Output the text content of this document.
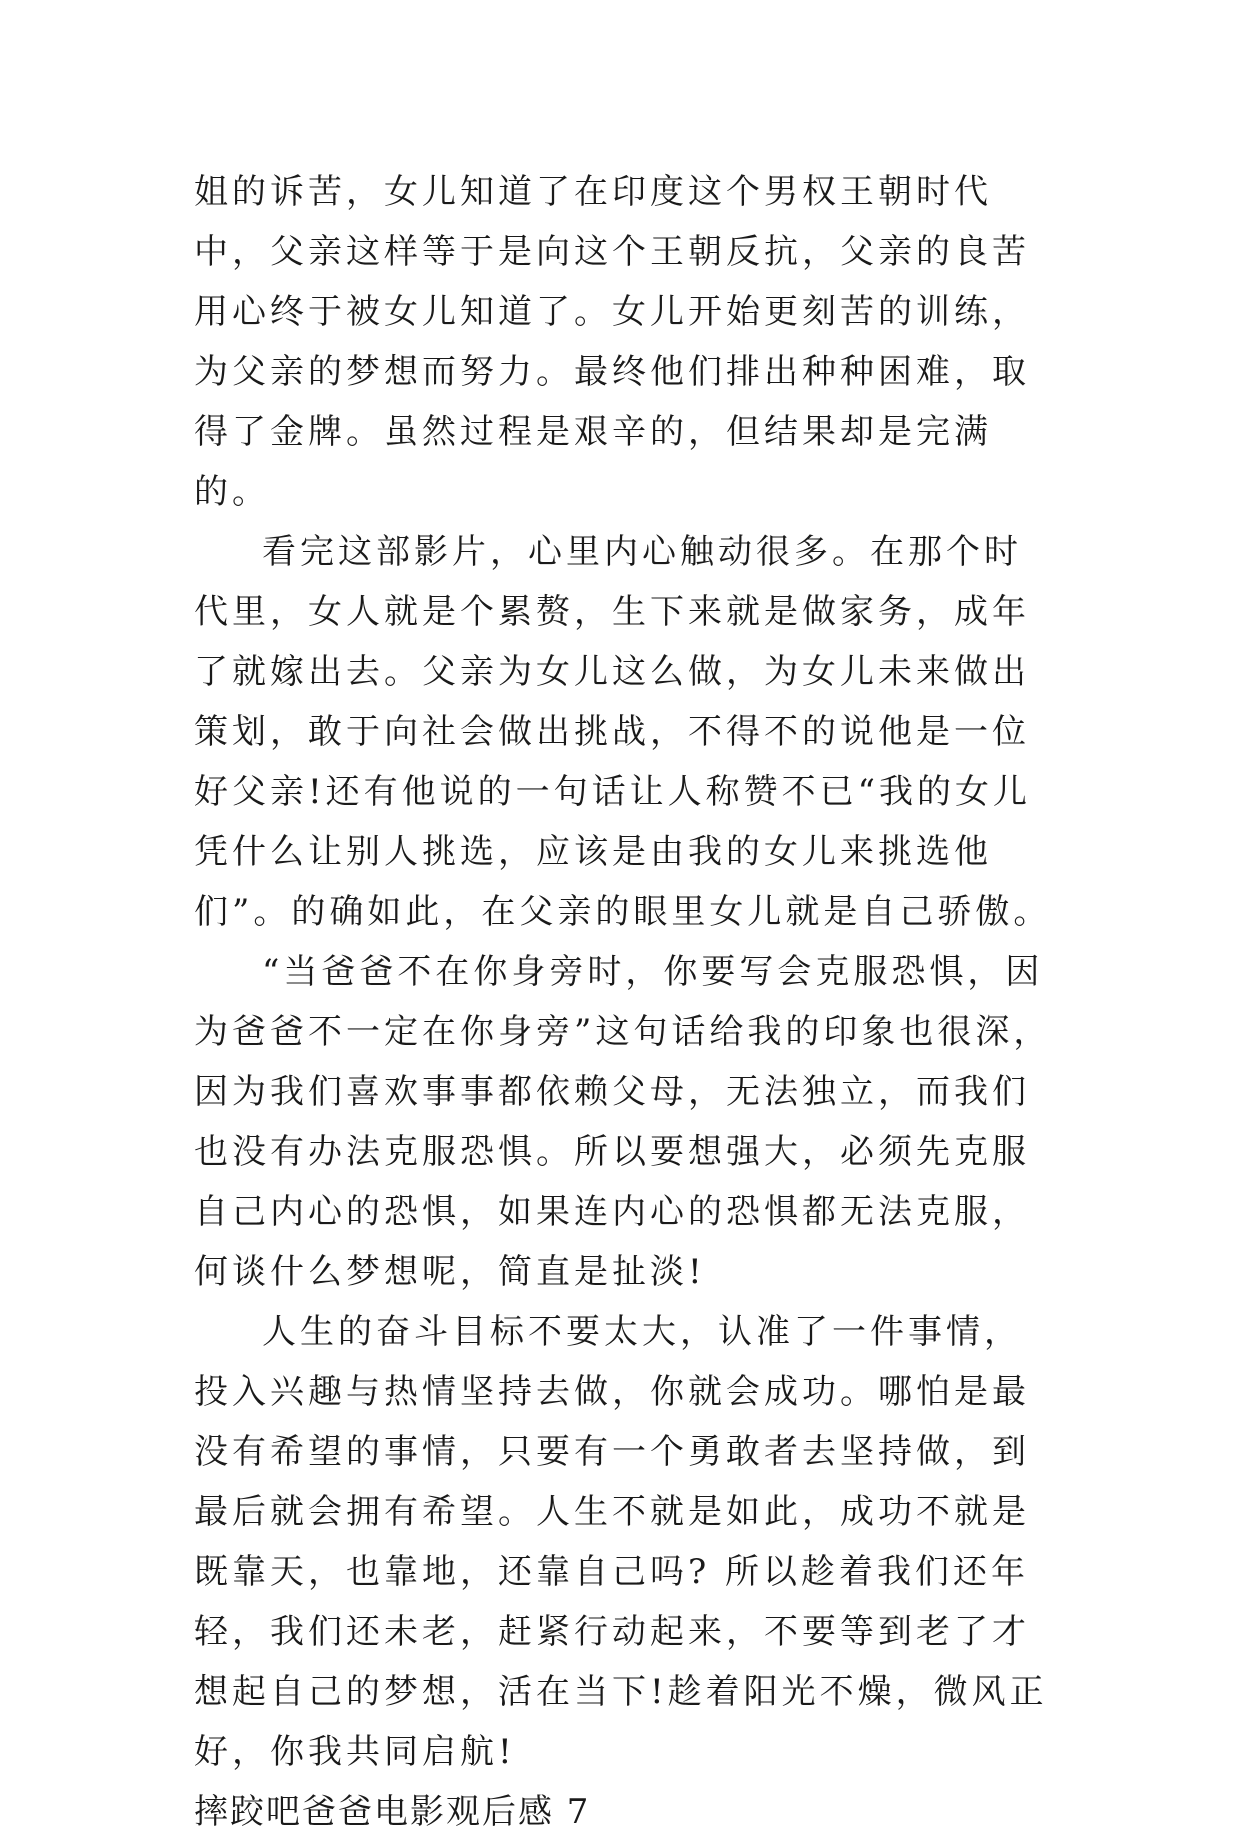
姐的诉苦，女儿知道了在印度这个男权王朝时代中，父亲这样等于是向这个王朝反抗，父亲的良苦用心终于被女儿知道了。女儿开始更刻苦的训练，为父亲的梦想而努力。最终他们排出种种困难，取得了金牌。虽然过程是艰辛的，但结果却是完满的。

看完这部影片，心里内心触动很多。在那个时代里，女人就是个累赘，生下来就是做家务，成年了就嫁出去。父亲为女儿这么做，为女儿未来做出策划，敢于向社会做出挑战，不得不的说他是一位好父亲!还有他说的一句话让人称赞不已“我的女儿凭什么让别人挑选，应该是由我的女儿来挑选他们”。的确如此，在父亲的眼里女儿就是自己骄傲。

“当爸爸不在你身旁时，你要写会克服恐惧，因为爸爸不一定在你身旁”这句话给我的印象也很深，因为我们喜欢事事都依赖父母，无法独立，而我们也没有办法克服恐惧。所以要想强大，必须先克服自己内心的恐惧，如果连内心的恐惧都无法克服，何谈什么梦想呢，简直是扯淡!

人生的奋斗目标不要太大，认准了一件事情，投入兴趣与热情坚持去做，你就会成功。哪怕是最没有希望的事情，只要有一个勇敢者去坚持做，到最后就会拥有希望。人生不就是如此，成功不就是既靠天，也靠地，还靠自己吗? 所以趁着我们还年轻，我们还未老，赶紧行动起来，不要等到老了才想起自己的梦想，活在当下!趁着阳光不燥，微风正好，你我共同启航!

摔跤吧爸爸电影观后感 7
